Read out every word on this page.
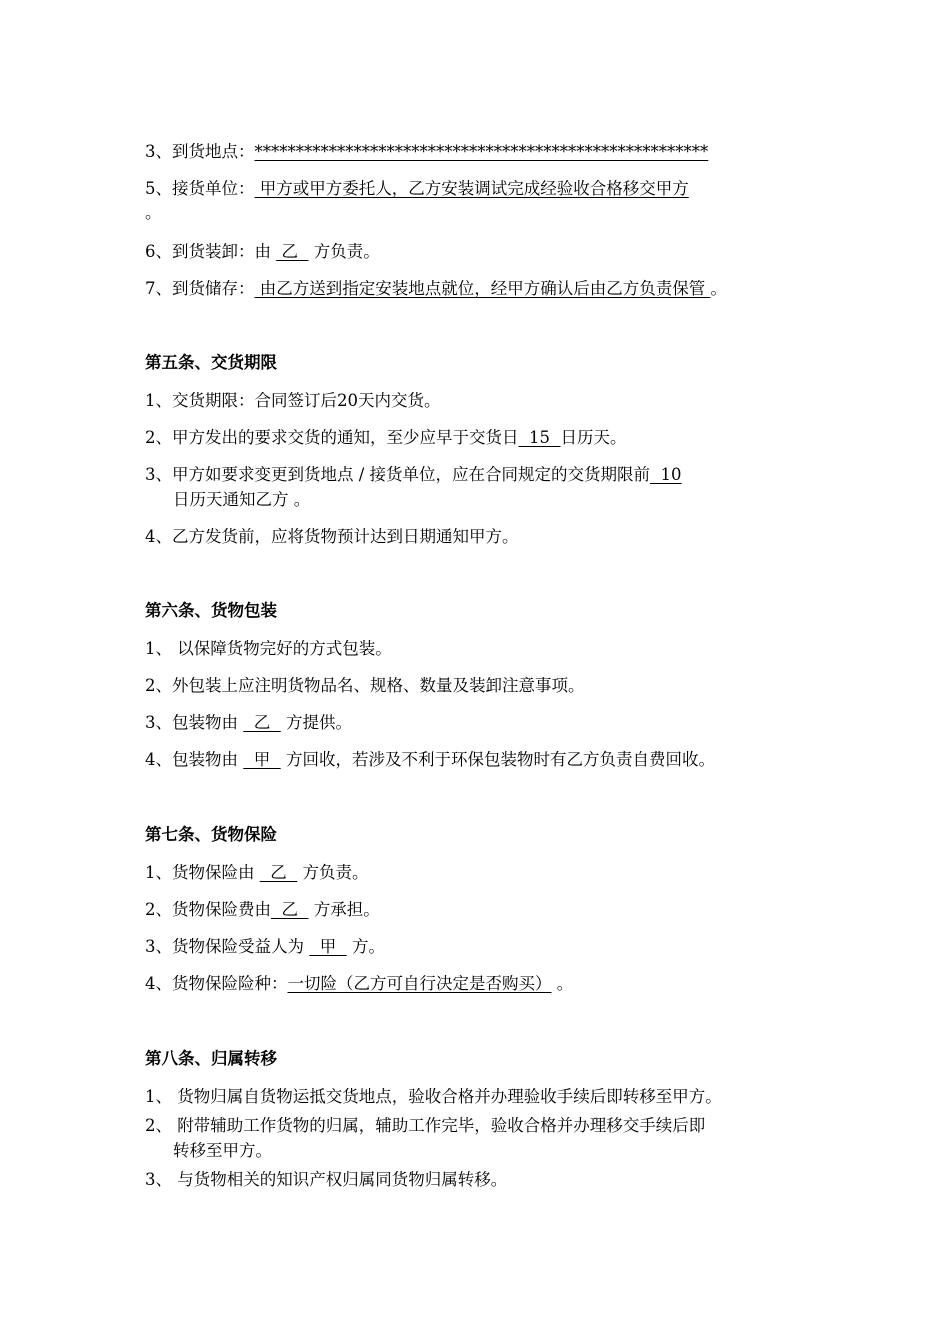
3、到货地点：*******************************************************
5、接货单位： 甲方或甲方委托人，乙方安装调试完成经验收合格移交甲方
。
6、到货装卸：由  乙   方负责。
7、到货储存： 由乙方送到指定安装地点就位，经甲方确认后由乙方负责保管 。
第五条、交货期限
1、交货期限：合同签订后20天内交货。
2、甲方发出的要求交货的通知，至少应早于交货日  15  日历天。
3、甲方如要求变更到货地点 / 接货单位，应在合同规定的交货期限前  10
日历天通知乙方 。
4、乙方发货前，应将货物预计达到日期通知甲方。
第六条、货物包装
1、 以保障货物完好的方式包装。
2、外包装上应注明货物品名、规格、数量及装卸注意事项。
3、包装物由   乙   方提供。
4、包装物由   甲   方回收，若涉及不利于环保包装物时有乙方负责自费回收。
第七条、货物保险
1、货物保险由   乙   方负责。
2、货物保险费由  乙   方承担。
3、货物保险受益人为   甲   方。
4、货物保险险种：一切险（乙方可自行决定是否购买） 。
第八条、归属转移
1、 货物归属自货物运抵交货地点，验收合格并办理验收手续后即转移至甲方。
2、 附带辅助工作货物的归属，辅助工作完毕，验收合格并办理移交手续后即
转移至甲方。
3、 与货物相关的知识产权归属同货物归属转移。
